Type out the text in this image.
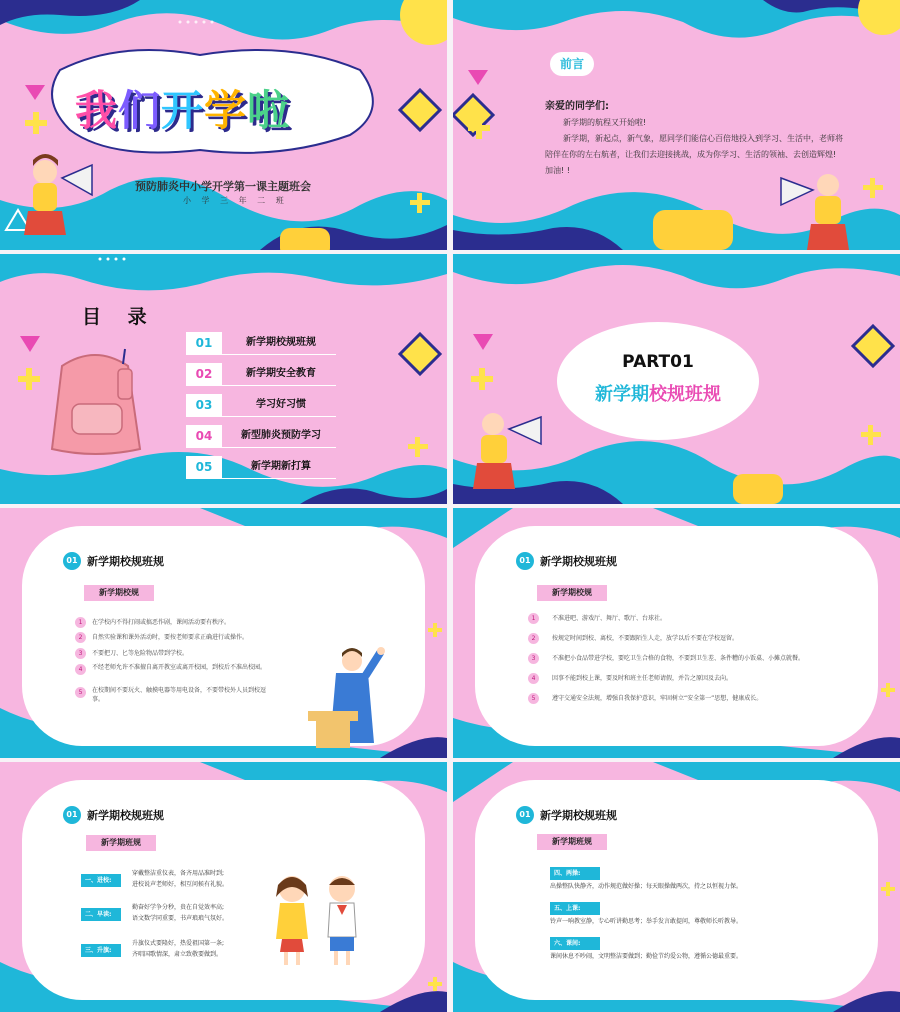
我们开学啦
预防肺炎中小学开学第一课主题班会
小 学 三 年 二 班
前言
亲爱的同学们:
新学期的航程又开始啦!
新学期，新起点，新气象，愿同学们能信心百倍地投入到学习、生活中，老师将陪伴在你的左右航者，让我们去迎接挑战，成为你学习、生活的领袖、去创造辉煌! 加油! !
目 录
01	新学期校规班规
02	新学期安全教育
03	学习好习惯
04	新型肺炎预防学习
05	新学期新打算
PART01
新学期校规班规
01 新学期校规班规
新学期校规
1	在学校内不得打闹或搞恶作剧，课间活动要有秩序。
2	自然实验课和课外活动时，要按老师要求正确进行或操作。
3	不要把刀、匕等危险物品带到学校。
4	不经老师允许不准擅自离开教室或离开校园，到校后不准出校园。
5	在校期间不要玩火、触摸电器等用电设备，不要带校外人员到校逗事。
01 新学期校规班规
新学期校规
1	不准进吧、游戏厅、舞厅、歌厅、台球社。
2	按规定时间到校、离校，不要跟陌生人走，放学以后不要在学校逗留。
3	不准把小食品带进学校，要吃卫生合格的食物，不要到卫生差、条件糟的小饭桌、小摊点就餐。
4	因事不能到校上课，要及时和班主任老师请假，并告之原因及去向。
5	遵守交通安全法规，增强自我保护意识，牢固树立“安全第一”思想，健康成长。
01 新学期校规班规
新学期班规
一、进校:
穿戴整洁重仪表，备齐用品准时到;
进校说声老师好，相互问候有礼貌。
二、早读:
勤奋好学争分秒，贵在自觉效率高;
语文数学同重要，书声琅琅气氛好。
三、升旗:
升旗仪式要隆好，热爱祖国第一条;
齐唱国歌情深，肃立致敬要做到。
01 新学期校规班规
新学期班规
四、两操:
出操整队快静齐，动作规范做好操；每天眼操做两次，持之以恒视力保。
五、上课:
铃声一响教室静，专心听讲勤思考；举手发言敢提问，尊敬师长听教导。
六、课间:
课间休息不吵闹，文明整洁要做到；勤俭节约爱公物，遵循公德最重要。
